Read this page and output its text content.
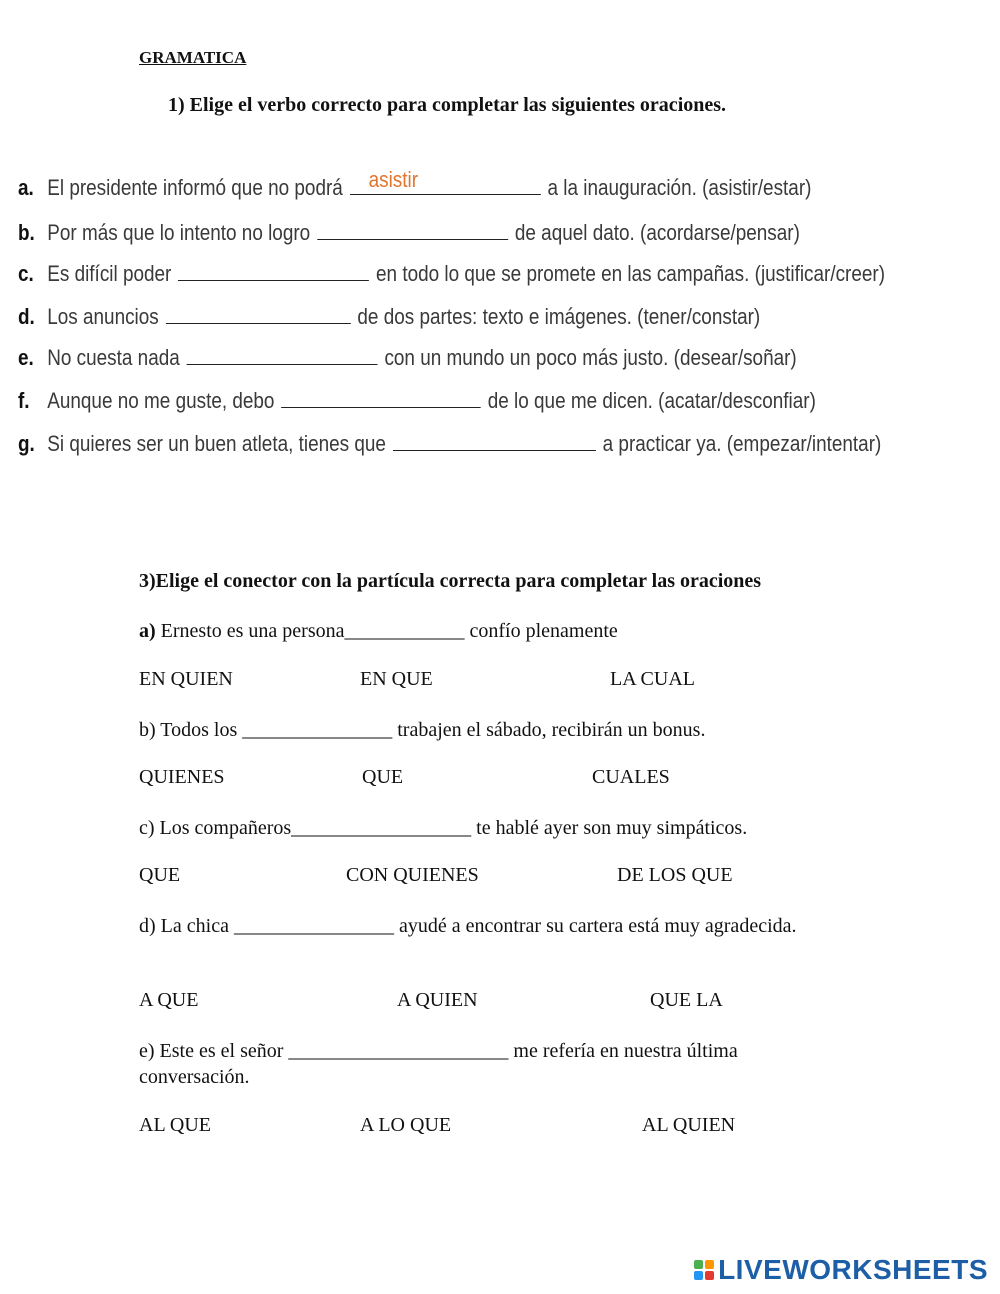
GRAMATICA
1) Elige el verbo correcto para completar las siguientes oraciones.
a. El presidente informó que no podrá asistir	a la inauguración. (asistir/estar)
b. Por más que lo intento no logro	de aquel dato. (acordarse/pensar)
c. Es difícil poder	en todo lo que se promete en las campañas. (justificar/creer)
d. Los anuncios	de dos partes: texto e imágenes. (tener/constar)
e. No cuesta nada	con un mundo un poco más justo. (desear/soñar)
f. Aunque no me guste, debo	de lo que me dicen. (acatar/desconfiar)
g. Si quieres ser un buen atleta, tienes que	a practicar ya. (empezar/intentar)
3)Elige el conector con la partícula correcta para completar las oraciones
a) Ernesto es una persona____________ confío plenamente
EN QUIEN	EN QUE	LA CUAL
b) Todos los _______________ trabajen el sábado, recibirán un bonus.
QUIENES	QUE	CUALES
c) Los compañeros__________________ te hablé ayer son muy simpáticos.
QUE	CON QUIENES	DE LOS QUE
d) La chica ________________ ayudé a encontrar su cartera está muy agradecida.
A QUE	A QUIEN	QUE LA
e) Este es el señor ______________________ me refería en nuestra última conversación.
AL QUE	A LO QUE	AL QUIEN
LIVEWORKSHEETS
